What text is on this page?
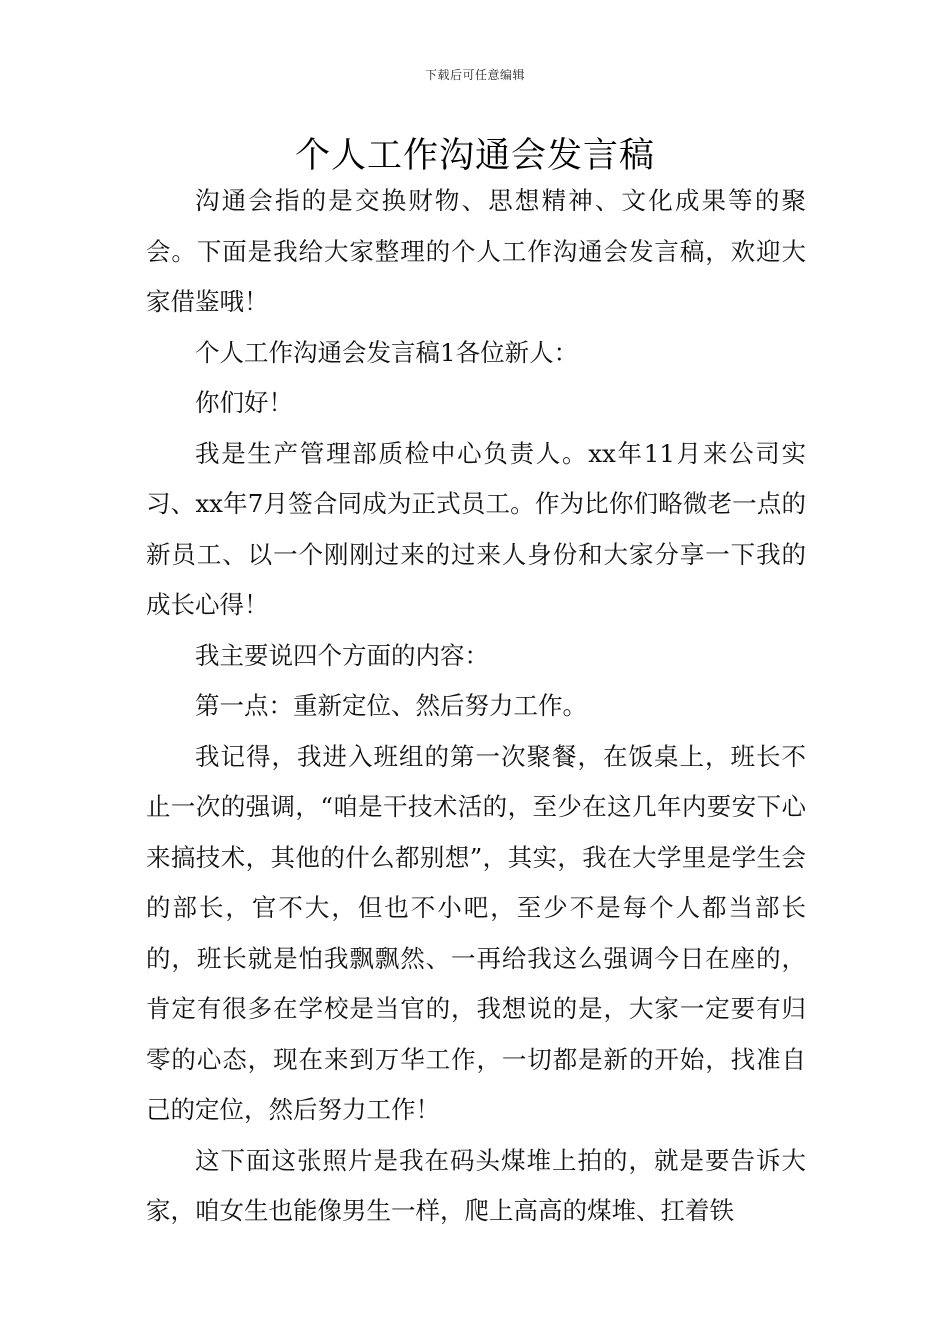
下载后可任意编辑
个人工作沟通会发言稿

沟通会指的是交换财物、思想精神、文化成果等的聚会。下面是我给大家整理的个人工作沟通会发言稿，欢迎大家借鉴哦！

个人工作沟通会发言稿1各位新人：

你们好！

我是生产管理部质检中心负责人。xx年11月来公司实习、xx年7月签合同成为正式员工。作为比你们略微老一点的新员工、以一个刚刚过来的过来人身份和大家分享一下我的成长心得！

我主要说四个方面的内容：

第一点：重新定位、然后努力工作。

我记得，我进入班组的第一次聚餐，在饭桌上，班长不止一次的强调，“咱是干技术活的，至少在这几年内要安下心来搞技术，其他的什么都别想”，其实，我在大学里是学生会的部长，官不大，但也不小吧，至少不是每个人都当部长的，班长就是怕我飘飘然、一再给我这么强调今日在座的，肯定有很多在学校是当官的，我想说的是，大家一定要有归零的心态，现在来到万华工作，一切都是新的开始，找准自己的定位，然后努力工作！

这下面这张照片是我在码头煤堆上拍的，就是要告诉大家，咱女生也能像男生一样，爬上高高的煤堆、扛着铁
